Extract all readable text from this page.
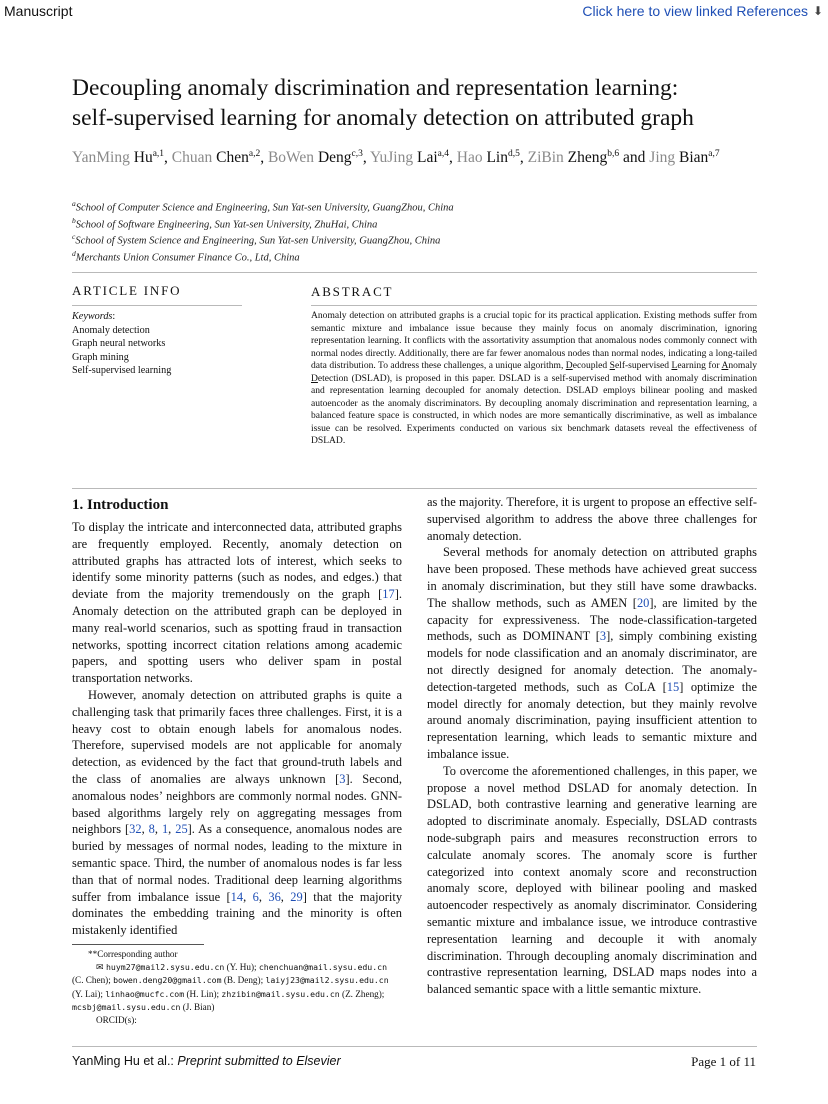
Manuscript	Click here to view linked References ⬇
Decoupling anomaly discrimination and representation learning:
self-supervised learning for anomaly detection on attributed graph
YanMing Hu$^{a,1}$, Chuan Chen$^{a,2}$, BoWen Deng$^{c,3}$, YuJing Lai$^{a,4}$, Hao Lin$^{d,5}$, ZiBin Zheng$^{b,6}$ and Jing Bian$^{a,7}$
$^a$School of Computer Science and Engineering, Sun Yat-sen University, GuangZhou, China
$^b$School of Software Engineering, Sun Yat-sen University, ZhuHai, China
$^c$School of System Science and Engineering, Sun Yat-sen University, GuangZhou, China
$^d$Merchants Union Consumer Finance Co., Ltd, China
ARTICLE INFO
Keywords:
Anomaly detection
Graph neural networks
Graph mining
Self-supervised learning
ABSTRACT
Anomaly detection on attributed graphs is a crucial topic for its practical application. Existing methods suffer from semantic mixture and imbalance issue because they mainly focus on anomaly discrimination, ignoring representation learning. It conflicts with the assortativity assumption that anomalous nodes commonly connect with normal nodes directly. Additionally, there are far fewer anomalous nodes than normal nodes, indicating a long-tailed data distribution. To address these challenges, a unique algorithm, Decoupled Self-supervised Learning for Anomaly Detection (DSLAD), is proposed in this paper. DSLAD is a self-supervised method with anomaly discrimination and representation learning decoupled for anomaly detection. DSLAD employs bilinear pooling and masked autoencoder as the anomaly discriminators. By decoupling anomaly discrimination and representation learning, a balanced feature space is constructed, in which nodes are more semantically discriminative, as well as imbalance issue can be resolved. Experiments conducted on various six benchmark datasets reveal the effectiveness of DSLAD.
1. Introduction

To display the intricate and interconnected data, attributed graphs are frequently employed. Recently, anomaly detection on attributed graphs has attracted lots of interest, which seeks to identify some minority patterns (such as nodes, and edges.) that deviate from the majority tremendously on the graph [17]. Anomaly detection on the attributed graph can be deployed in many real-world scenarios, such as spotting fraud in transaction networks, spotting incorrect citation relations among academic papers, and spotting users who deliver spam in postal transportation networks.

However, anomaly detection on attributed graphs is quite a challenging task that primarily faces three challenges. First, it is a heavy cost to obtain enough labels for anomalous nodes. Therefore, supervised models are not applicable for anomaly detection, as evidenced by the fact that ground-truth labels and the class of anomalies are always unknown [3]. Second, anomalous nodes’ neighbors are commonly normal nodes. GNN-based algorithms largely rely on aggregating messages from neighbors [32, 8, 1, 25]. As a consequence, anomalous nodes are buried by messages of normal nodes, leading to the mixture in semantic space. Third, the number of anomalous nodes is far less than that of normal nodes. Traditional deep learning algorithms suffer from imbalance issue [14, 6, 36, 29] that the majority dominates the embedding training and the minority is often mistakenly identified

as the majority. Therefore, it is urgent to propose an effective self-supervised algorithm to address the above three challenges for anomaly detection.

Several methods for anomaly detection on attributed graphs have been proposed. These methods have achieved great success in anomaly discrimination, but they still have some drawbacks. The shallow methods, such as AMEN [20], are limited by the capacity for expressiveness. The node-classification-targeted methods, such as DOMINANT [3], simply combining existing models for node classification and an anomaly discriminator, are not directly designed for anomaly detection. The anomaly-detection-targeted methods, such as CoLA [15] optimize the model directly for anomaly detection, but they mainly revolve around anomaly discrimination, paying insufficient attention to representation learning, which leads to semantic mixture and imbalance issue.

To overcome the aforementioned challenges, in this paper, we propose a novel method DSLAD for anomaly detection. In DSLAD, both contrastive learning and generative learning are adopted to discriminate anomaly. Especially, DSLAD contrasts node-subgraph pairs and measures reconstruction errors to calculate anomaly scores. The anomaly score is further categorized into context anomaly score and reconstruction anomaly score, deployed with bilinear pooling and masked autoencoder respectively as anomaly discriminator. Considering semantic mixture and imbalance issue, we introduce contrastive representation learning and decouple it with anomaly discrimination. Through decoupling anomaly discrimination and contrastive representation learning, DSLAD maps nodes into a balanced semantic space with a little semantic mixture.

**Corresponding author
✉ huym27@mail2.sysu.edu.cn (Y. Hu); chenchuan@mail.sysu.edu.cn
(C. Chen); bowen.deng20@gmail.com (B. Deng); laiyj23@mail2.sysu.edu.cn
(Y. Lai); linhao@mucfc.com (H. Lin); zhzibin@mail.sysu.edu.cn (Z. Zheng);
mcsbj@mail.sysu.edu.cn (J. Bian)
ORCID(s):
YanMing Hu et al.: Preprint submitted to Elsevier	Page 1 of 11
